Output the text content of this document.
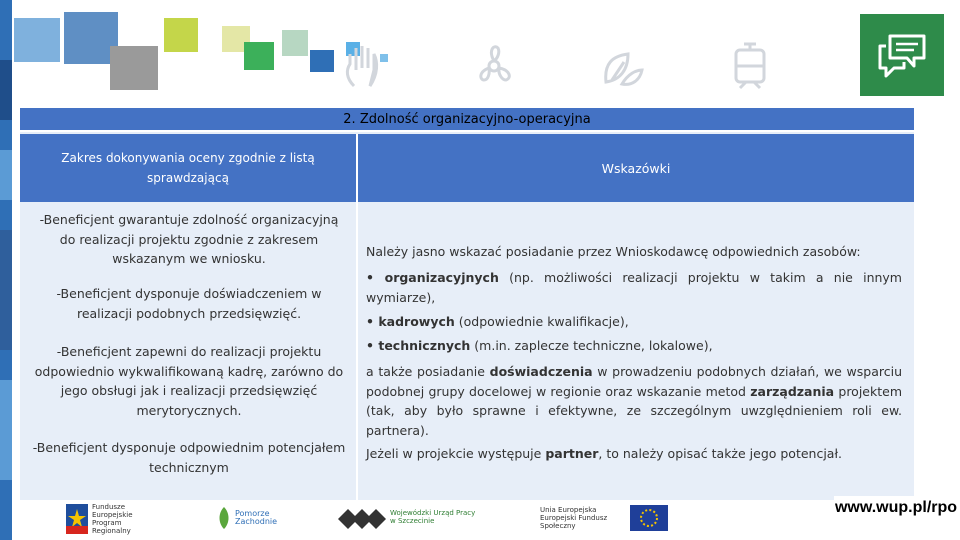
2. Zdolność organizacyjno-operacyjna
Zakres dokonywania oceny zgodnie z listą sprawdzającą
Wskazówki
-Beneficjent gwarantuje zdolność organizacyjną do realizacji projektu zgodnie z zakresem wskazanym we wniosku.
-Beneficjent dysponuje doświadczeniem w realizacji podobnych przedsięwzięć.
-Beneficjent zapewni do realizacji projektu odpowiednio wykwalifikowaną kadrę, zarówno do jego obsługi jak i realizacji przedsięwzięć merytorycznych.
-Beneficjent dysponuje odpowiednim potencjałem technicznym
Należy jasno wskazać posiadanie przez Wnioskodawcę odpowiednich zasobów:
• organizacyjnych (np. możliwości realizacji projektu w takim a nie innym wymiarze),
• kadrowych (odpowiednie kwalifikacje),
• technicznych (m.in. zaplecze techniczne, lokalowe),
a także posiadanie doświadczenia w prowadzeniu podobnych działań, we wsparciu podobnej grupy docelowej w regionie oraz wskazanie metod zarządzania projektem (tak, aby było sprawne i efektywne, ze szczególnym uwzględnieniem roli ew. partnera).
Jeżeli w projekcie występuje partner, to należy opisać także jego potencjał.
Fundusze Europejskie Program Regionalny
Pomorze Zachodnie
Wojewódzki Urząd Pracy w Szczecinie
Unia Europejska Europejski Fundusz Społeczny
www.wup.pl/rpo
